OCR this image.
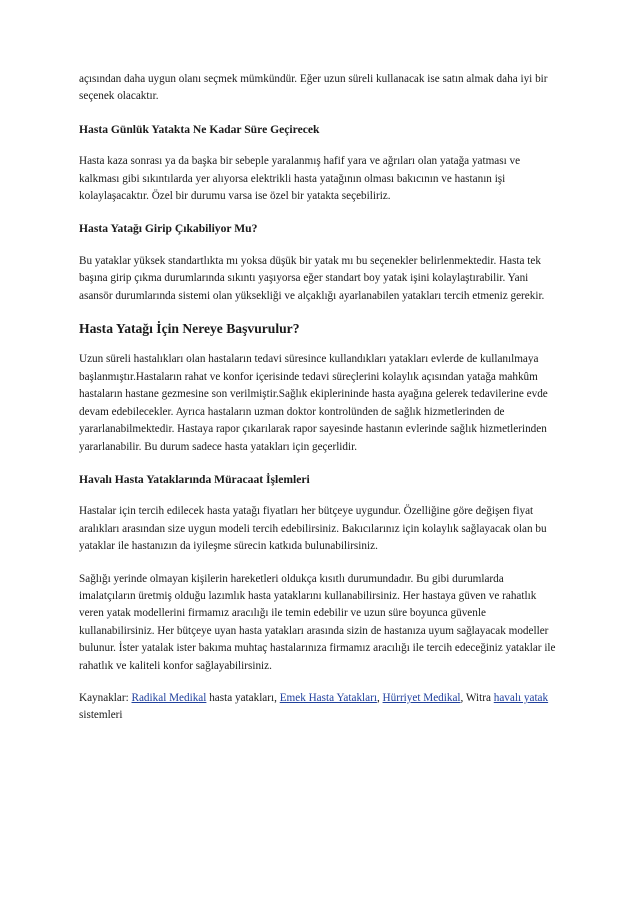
açısından daha uygun olanı seçmek mümkündür. Eğer uzun süreli kullanacak ise satın almak daha iyi bir seçenek olacaktır.

Hasta Günlük Yatakta Ne Kadar Süre Geçirecek

Hasta kaza sonrası ya da başka bir sebeple yaralanmış hafif yara ve ağrıları olan yatağa yatması ve kalkması gibi sıkıntılarda yer alıyorsa elektrikli hasta yatağının olması bakıcının ve hastanın işi kolaylaşacaktır. Özel bir durumu varsa ise özel bir yatakta seçebiliriz.

Hasta Yatağı Girip Çıkabiliyor Mu?

Bu yataklar yüksek standartlıkta mı yoksa düşük bir yatak mı bu seçenekler belirlenmektedir. Hasta tek başına girip çıkma durumlarında sıkıntı yaşıyorsa eğer standart boy yatak işini kolaylaştırabilir. Yani asansör durumlarında sistemi olan yüksekliği ve alçaklığı ayarlanabilen yatakları tercih etmeniz gerekir.

Hasta Yatağı İçin Nereye Başvurulur?

Uzun süreli hastalıkları olan hastaların tedavi süresince kullandıkları yatakları evlerde de kullanılmaya başlanmıştır.Hastaların rahat ve konfor içerisinde tedavi süreçlerini kolaylık açısından yatağa mahkûm hastaların hastane gezmesine son verilmiştir.Sağlık ekiplerininde hasta ayağına gelerek tedavilerine evde devam edebilecekler. Ayrıca hastaların uzman doktor kontrolünden de sağlık hizmetlerinden de yararlanabilmektedir. Hastaya rapor çıkarılarak rapor sayesinde hastanın evlerinde sağlık hizmetlerinden yararlanabilir. Bu durum sadece hasta yatakları için geçerlidir.

Havalı Hasta Yataklarında Müracaat İşlemleri

Hastalar için tercih edilecek hasta yatağı fiyatları her bütçeye uygundur. Özelliğine göre değişen fiyat aralıkları arasından size uygun modeli tercih edebilirsiniz. Bakıcılarınız için kolaylık sağlayacak olan bu yataklar ile hastanızın da iyileşme sürecin katkıda bulunabilirsiniz.

Sağlığı yerinde olmayan kişilerin hareketleri oldukça kısıtlı durumundadır. Bu gibi durumlarda imalatçıların üretmiş olduğu lazımlık hasta yataklarını kullanabilirsiniz. Her hastaya güven ve rahatlık veren yatak modellerini firmamız aracılığı ile temin edebilir ve uzun süre boyunca güvenle kullanabilirsiniz. Her bütçeye uyan hasta yatakları arasında sizin de hastanıza uyum sağlayacak modeller bulunur. İster yatalak ister bakıma muhtaç hastalarınıza firmamız aracılığı ile tercih edeceğiniz yataklar ile rahatlık ve kaliteli konfor sağlayabilirsiniz.

Kaynaklar: Radikal Medikal hasta yatakları, Emek Hasta Yatakları, Hürriyet Medikal, Witra havalı yatak sistemleri
